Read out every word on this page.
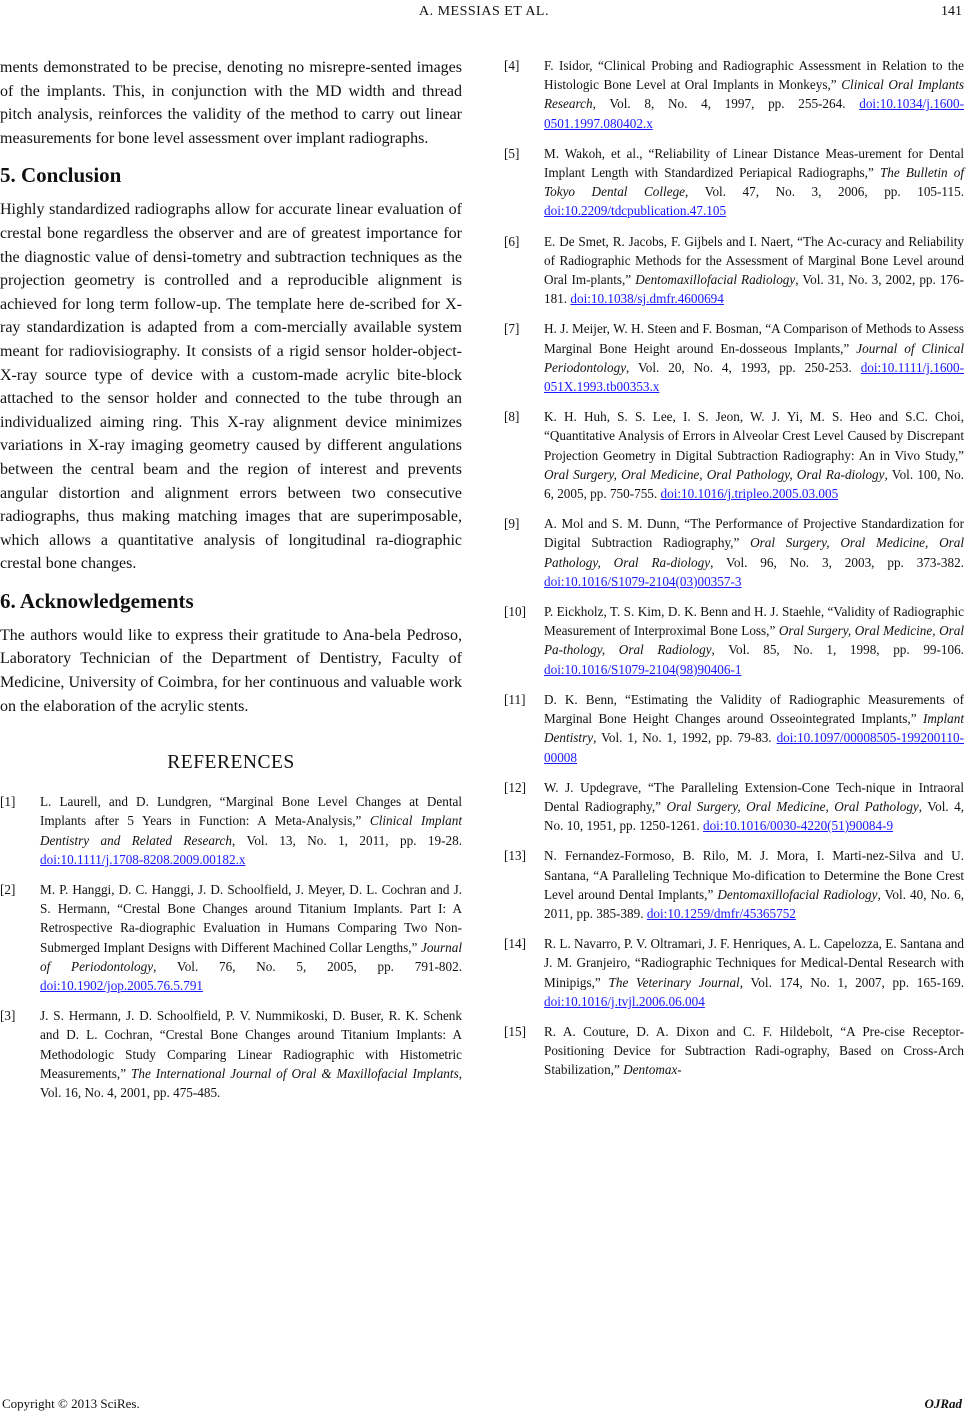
A. MESSIAS ET AL.	141

ments demonstrated to be precise, denoting no misrepre-sented images of the implants. This, in conjunction with the MD width and thread pitch analysis, reinforces the validity of the method to carry out linear measurements for bone level assessment over implant radiographs.

5. Conclusion

Highly standardized radiographs allow for accurate linear evaluation of crestal bone regardless the observer and are of greatest importance for the diagnostic value of densi-tometry and subtraction techniques as the projection geometry is controlled and a reproducible alignment is achieved for long term follow-up. The template here de-scribed for X-ray standardization is adapted from a com-mercially available system meant for radiovisiography. It consists of a rigid sensor holder-object-X-ray source type of device with a custom-made acrylic bite-block attached to the sensor holder and connected to the tube through an individualized aiming ring. This X-ray alignment device minimizes variations in X-ray imaging geometry caused by different angulations between the central beam and the region of interest and prevents angular distortion and alignment errors between two consecutive radiographs, thus making matching images that are superimposable, which allows a quantitative analysis of longitudinal ra-diographic crestal bone changes.

6. Acknowledgements

The authors would like to express their gratitude to Ana-bela Pedroso, Laboratory Technician of the Department of Dentistry, Faculty of Medicine, University of Coimbra, for her continuous and valuable work on the elaboration of the acrylic stents.

REFERENCES
[1] L. Laurell, and D. Lundgren, “Marginal Bone Level Changes at Dental Implants after 5 Years in Function: A Meta-Analysis,” Clinical Implant Dentistry and Related Research, Vol. 13, No. 1, 2011, pp. 19-28. doi:10.1111/j.1708-8208.2009.00182.x
[2] M. P. Hanggi, D. C. Hanggi, J. D. Schoolfield, J. Meyer, D. L. Cochran and J. S. Hermann, “Crestal Bone Changes around Titanium Implants. Part I: A Retrospective Ra-diographic Evaluation in Humans Comparing Two Non-Submerged Implant Designs with Different Machined Collar Lengths,” Journal of Periodontology, Vol. 76, No. 5, 2005, pp. 791-802. doi:10.1902/jop.2005.76.5.791
[3] J. S. Hermann, J. D. Schoolfield, P. V. Nummikoski, D. Buser, R. K. Schenk and D. L. Cochran, “Crestal Bone Changes around Titanium Implants: A Methodologic Study Comparing Linear Radiographic with Histometric Measurements,” The International Journal of Oral & Maxillofacial Implants, Vol. 16, No. 4, 2001, pp. 475-485.
[4] F. Isidor, “Clinical Probing and Radiographic Assessment in Relation to the Histologic Bone Level at Oral Implants in Monkeys,” Clinical Oral Implants Research, Vol. 8, No. 4, 1997, pp. 255-264. doi:10.1034/j.1600-0501.1997.080402.x
[5] M. Wakoh, et al., “Reliability of Linear Distance Meas-urement for Dental Implant Length with Standardized Periapical Radiographs,” The Bulletin of Tokyo Dental College, Vol. 47, No. 3, 2006, pp. 105-115. doi:10.2209/tdcpublication.47.105
[6] E. De Smet, R. Jacobs, F. Gijbels and I. Naert, “The Ac-curacy and Reliability of Radiographic Methods for the Assessment of Marginal Bone Level around Oral Im-plants,” Dentomaxillofacial Radiology, Vol. 31, No. 3, 2002, pp. 176-181. doi:10.1038/sj.dmfr.4600694
[7] H. J. Meijer, W. H. Steen and F. Bosman, “A Comparison of Methods to Assess Marginal Bone Height around En-dosseous Implants,” Journal of Clinical Periodontology, Vol. 20, No. 4, 1993, pp. 250-253. doi:10.1111/j.1600-051X.1993.tb00353.x
[8] K. H. Huh, S. S. Lee, I. S. Jeon, W. J. Yi, M. S. Heo and S.C. Choi, “Quantitative Analysis of Errors in Alveolar Crest Level Caused by Discrepant Projection Geometry in Digital Subtraction Radiography: An in Vivo Study,” Oral Surgery, Oral Medicine, Oral Pathology, Oral Ra-diology, Vol. 100, No. 6, 2005, pp. 750-755. doi:10.1016/j.tripleo.2005.03.005
[9] A. Mol and S. M. Dunn, “The Performance of Projective Standardization for Digital Subtraction Radiography,” Oral Surgery, Oral Medicine, Oral Pathology, Oral Ra-diology, Vol. 96, No. 3, 2003, pp. 373-382. doi:10.1016/S1079-2104(03)00357-3
[10] P. Eickholz, T. S. Kim, D. K. Benn and H. J. Staehle, “Validity of Radiographic Measurement of Interproximal Bone Loss,” Oral Surgery, Oral Medicine, Oral Pa-thology, Oral Radiology, Vol. 85, No. 1, 1998, pp. 99-106. doi:10.1016/S1079-2104(98)90406-1
[11] D. K. Benn, “Estimating the Validity of Radiographic Measurements of Marginal Bone Height Changes around Osseointegrated Implants,” Implant Dentistry, Vol. 1, No. 1, 1992, pp. 79-83. doi:10.1097/00008505-199200110-00008
[12] W. J. Updegrave, “The Paralleling Extension-Cone Tech-nique in Intraoral Dental Radiography,” Oral Surgery, Oral Medicine, Oral Pathology, Vol. 4, No. 10, 1951, pp. 1250-1261. doi:10.1016/0030-4220(51)90084-9
[13] N. Fernandez-Formoso, B. Rilo, M. J. Mora, I. Marti-nez-Silva and U. Santana, “A Paralleling Technique Mo-dification to Determine the Bone Crest Level around Dental Implants,” Dentomaxillofacial Radiology, Vol. 40, No. 6, 2011, pp. 385-389. doi:10.1259/dmfr/45365752
[14] R. L. Navarro, P. V. Oltramari, J. F. Henriques, A. L. Capelozza, E. Santana and J. M. Granjeiro, “Radiographic Techniques for Medical-Dental Research with Minipigs,” The Veterinary Journal, Vol. 174, No. 1, 2007, pp. 165-169. doi:10.1016/j.tvjl.2006.06.004
[15] R. A. Couture, D. A. Dixon and C. F. Hildebolt, “A Pre-cise Receptor-Positioning Device for Subtraction Radi-ography, Based on Cross-Arch Stabilization,” Dentomax-
Copyright © 2013 SciRes.	OJRad
